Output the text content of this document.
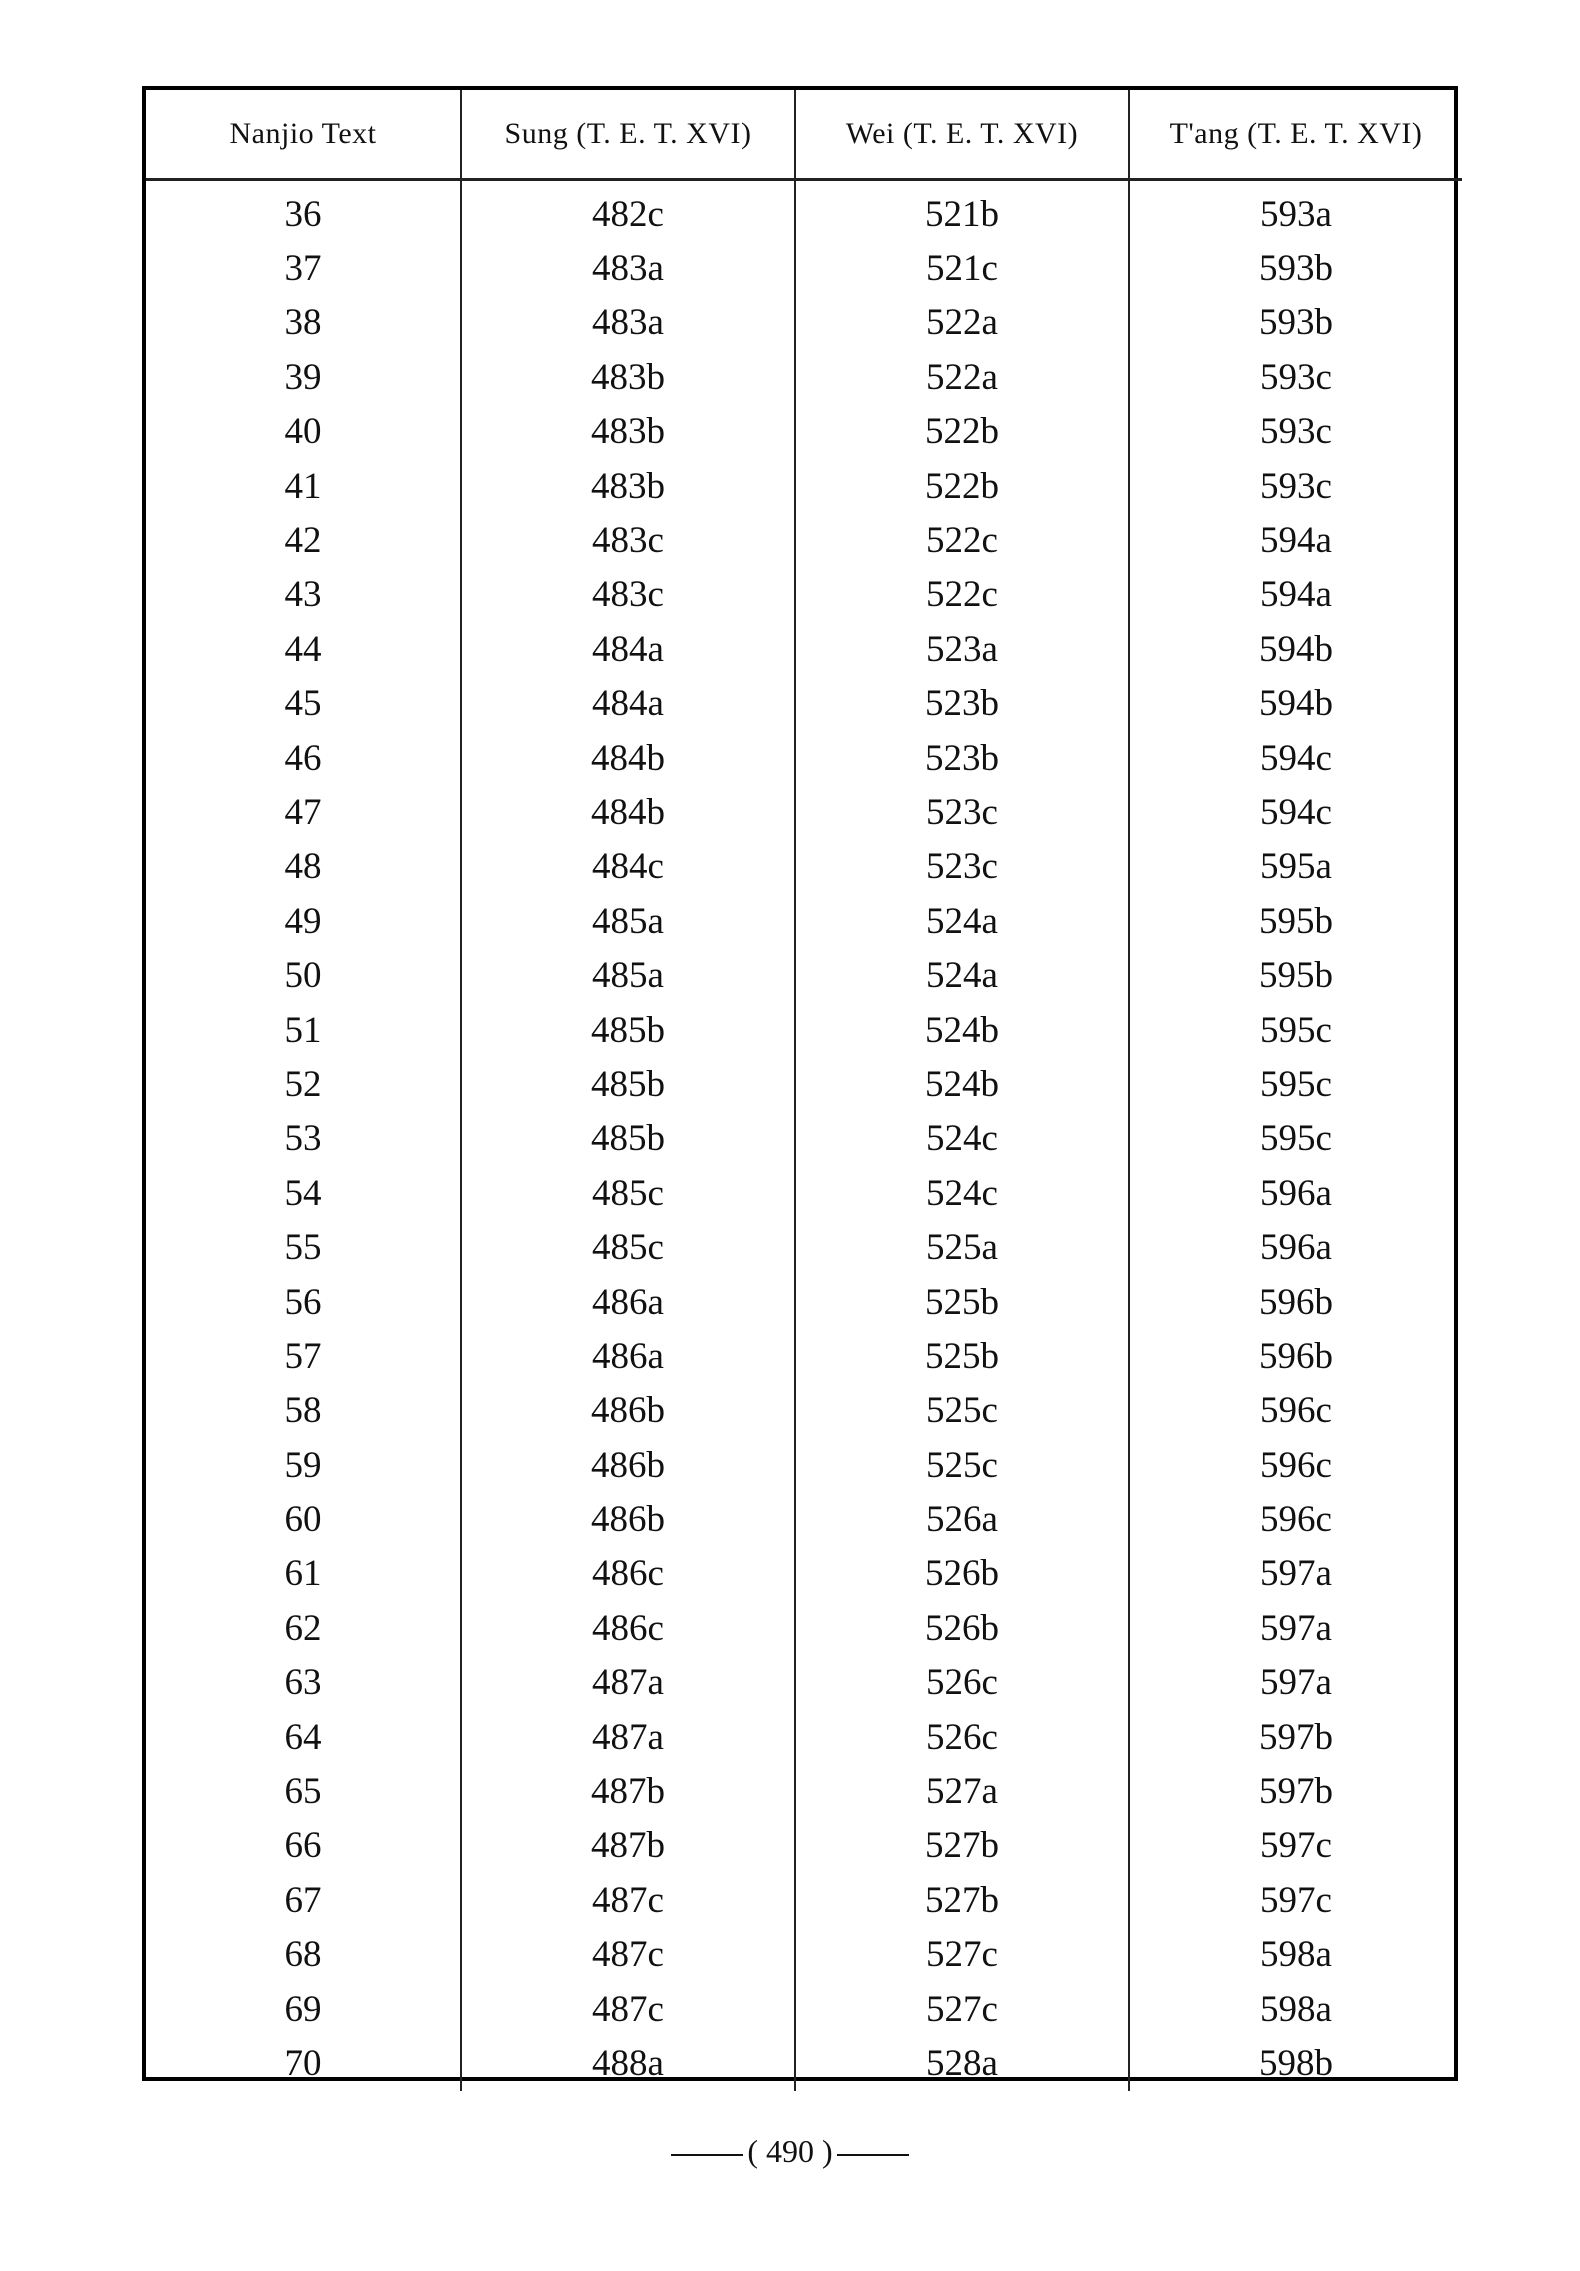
Nanjio Text	Sung (T. E. T. XVI)	Wei (T. E. T. XVI)	T'ang (T. E. T. XVI)
36	482c	521b	593a
37	483a	521c	593b
38	483a	522a	593b
39	483b	522a	593c
40	483b	522b	593c
41	483b	522b	593c
42	483c	522c	594a
43	483c	522c	594a
44	484a	523a	594b
45	484a	523b	594b
46	484b	523b	594c
47	484b	523c	594c
48	484c	523c	595a
49	485a	524a	595b
50	485a	524a	595b
51	485b	524b	595c
52	485b	524b	595c
53	485b	524c	595c
54	485c	524c	596a
55	485c	525a	596a
56	486a	525b	596b
57	486a	525b	596b
58	486b	525c	596c
59	486b	525c	596c
60	486b	526a	596c
61	486c	526b	597a
62	486c	526b	597a
63	487a	526c	597a
64	487a	526c	597b
65	487b	527a	597b
66	487b	527b	597c
67	487c	527b	597c
68	487c	527c	598a
69	487c	527c	598a
70	488a	528a	598b
( 490 )
